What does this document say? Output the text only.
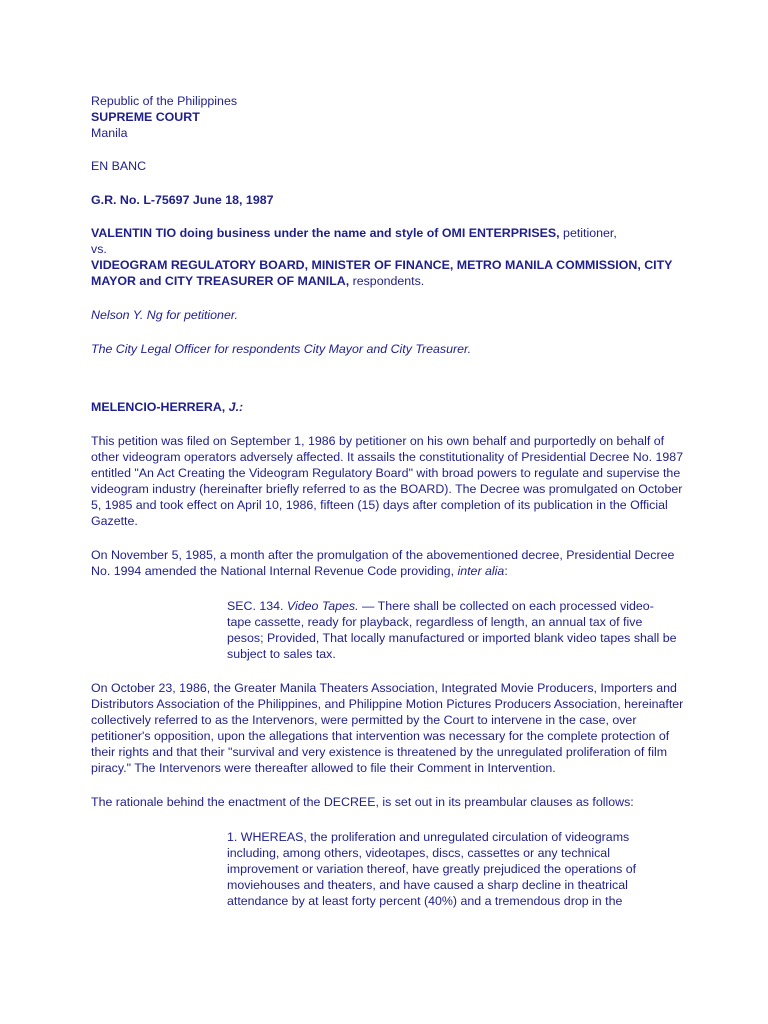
Republic of the Philippines

SUPREME COURT

Manila

EN BANC

G.R. No. L-75697 June 18, 1987

VALENTIN TIO doing business under the name and style of OMI ENTERPRISES, petitioner,

vs.

VIDEOGRAM REGULATORY BOARD, MINISTER OF FINANCE, METRO MANILA COMMISSION, CITY MAYOR and CITY TREASURER OF MANILA, respondents.

Nelson Y. Ng for petitioner.

The City Legal Officer for respondents City Mayor and City Treasurer.

MELENCIO-HERRERA, J.:

This petition was filed on September 1, 1986 by petitioner on his own behalf and purportedly on behalf of other videogram operators adversely affected. It assails the constitutionality of Presidential Decree No. 1987 entitled "An Act Creating the Videogram Regulatory Board" with broad powers to regulate and supervise the videogram industry (hereinafter briefly referred to as the BOARD). The Decree was promulgated on October 5, 1985 and took effect on April 10, 1986, fifteen (15) days after completion of its publication in the Official Gazette.

On November 5, 1985, a month after the promulgation of the abovementioned decree, Presidential Decree No. 1994 amended the National Internal Revenue Code providing, inter alia:

SEC. 134. Video Tapes. — There shall be collected on each processed video-tape cassette, ready for playback, regardless of length, an annual tax of five pesos; Provided, That locally manufactured or imported blank video tapes shall be subject to sales tax.

On October 23, 1986, the Greater Manila Theaters Association, Integrated Movie Producers, Importers and Distributors Association of the Philippines, and Philippine Motion Pictures Producers Association, hereinafter collectively referred to as the Intervenors, were permitted by the Court to intervene in the case, over petitioner's opposition, upon the allegations that intervention was necessary for the complete protection of their rights and that their "survival and very existence is threatened by the unregulated proliferation of film piracy." The Intervenors were thereafter allowed to file their Comment in Intervention.

The rationale behind the enactment of the DECREE, is set out in its preambular clauses as follows:

1. WHEREAS, the proliferation and unregulated circulation of videograms including, among others, videotapes, discs, cassettes or any technical improvement or variation thereof, have greatly prejudiced the operations of moviehouses and theaters, and have caused a sharp decline in theatrical attendance by at least forty percent (40%) and a tremendous drop in the
